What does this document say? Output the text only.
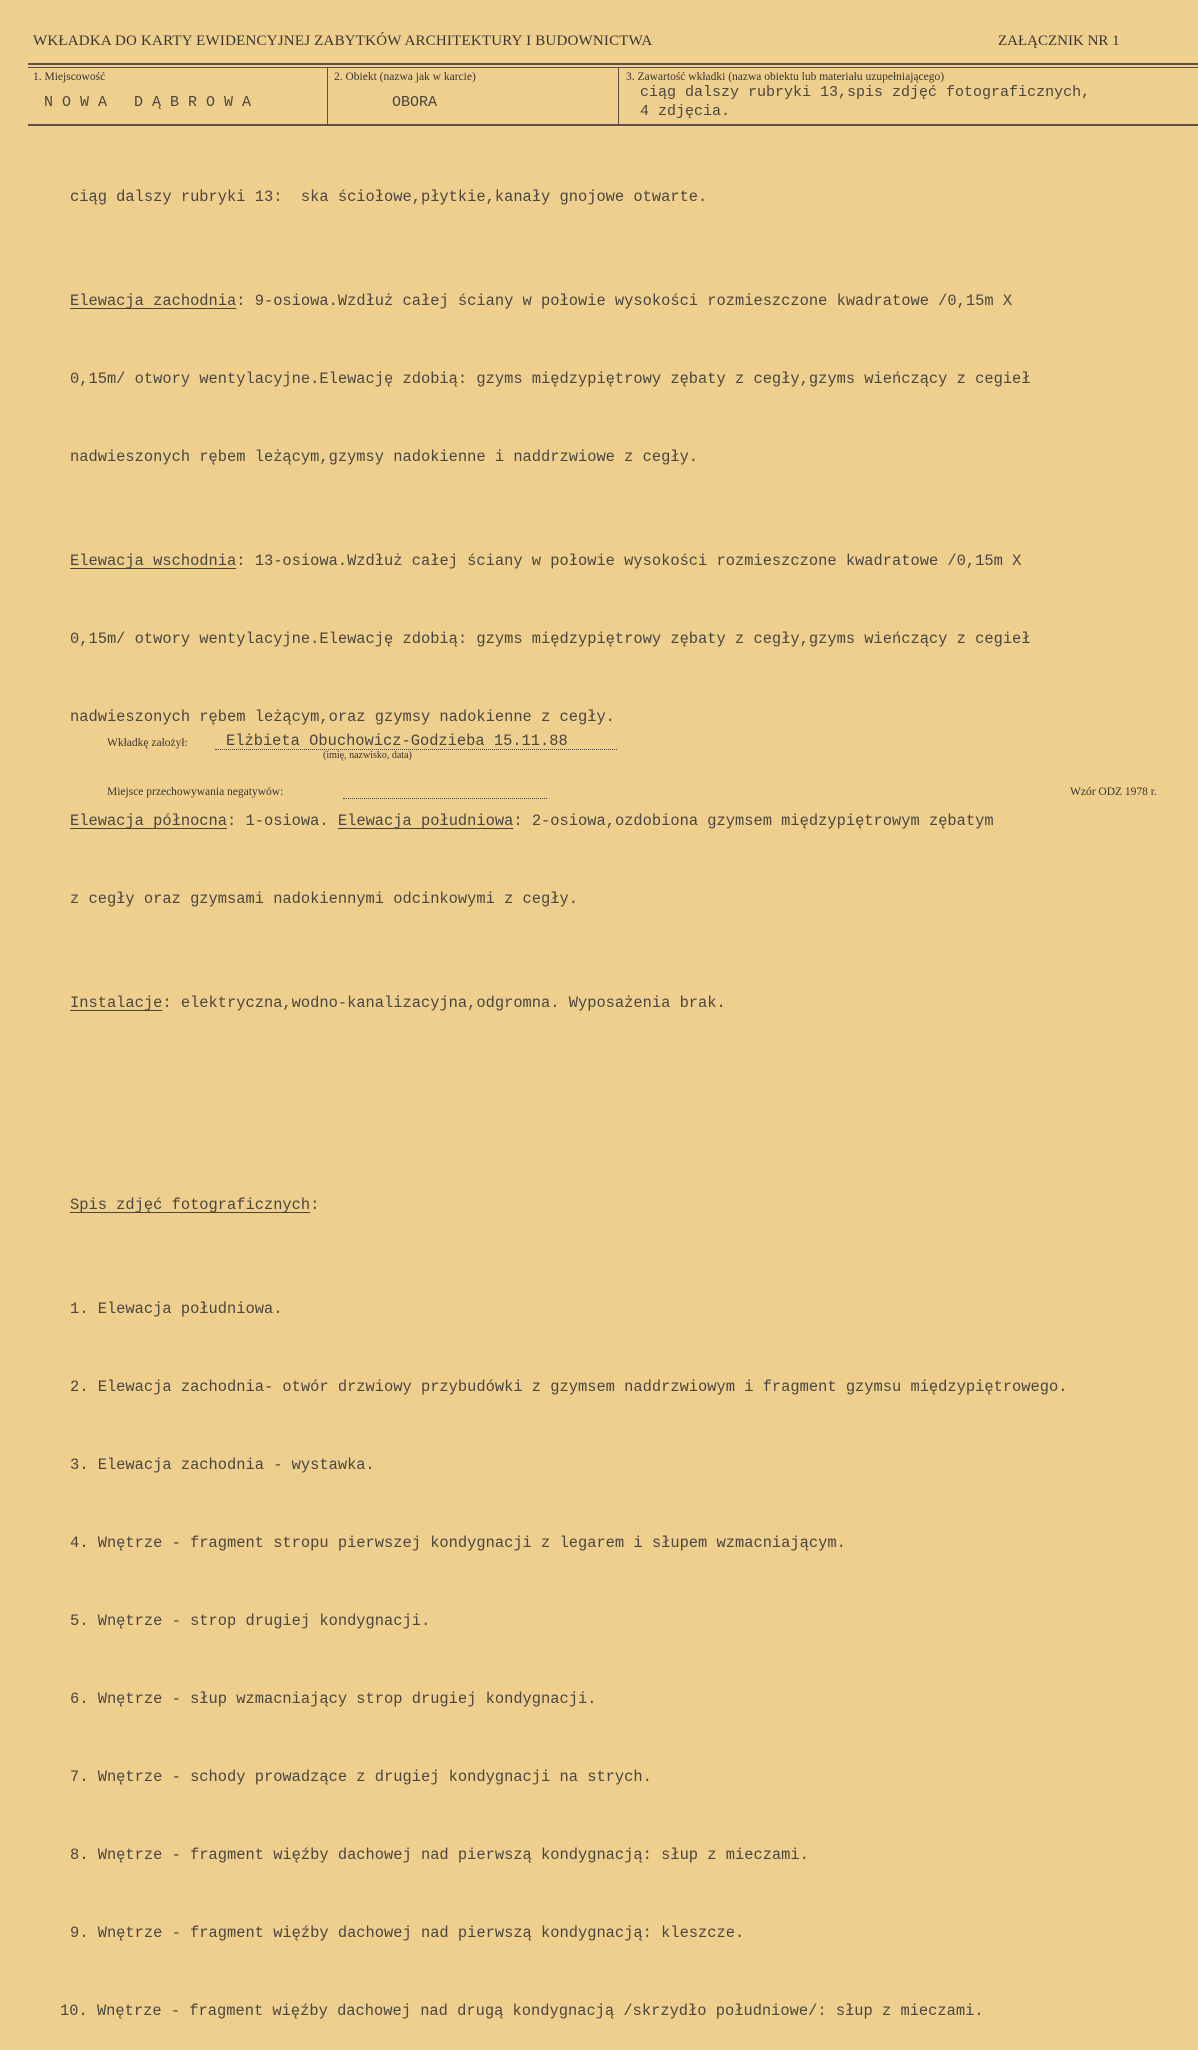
WKŁADKA DO KARTY EWIDENCYJNEJ ZABYTKÓW ARCHITEKTURY I BUDOWNICTWA	ZAŁĄCZNIK NR 1
1. Miejscowość
N O W A   D Ą B R O W A
2. Obiekt (nazwa jak w karcie)
OBORA
3. Zawartość wkładki (nazwa obiektu lub materiału uzupełniającego)
ciąg dalszy rubryki 13,spis zdjęć fotograficznych,
4 zdjęcia.

ciąg dalszy rubryki 13:  ska ściołowe,płytkie,kanały gnojowe otwarte.

Elewacja zachodnia: 9-osiowa.Wzdłuż całej ściany w połowie wysokości rozmieszczone kwadratowe /0,15m X

0,15m/ otwory wentylacyjne.Elewację zdobią: gzyms międzypiętrowy zębaty z cegły,gzyms wieńczący z cegieł

nadwieszonych rębem leżącym,gzymsy nadokienne i naddrzwiowe z cegły.

Elewacja wschodnia: 13-osiowa.Wzdłuż całej ściany w połowie wysokości rozmieszczone kwadratowe /0,15m X

0,15m/ otwory wentylacyjne.Elewację zdobią: gzyms międzypiętrowy zębaty z cegły,gzyms wieńczący z cegieł

nadwieszonych rębem leżącym,oraz gzymsy nadokienne z cegły.

Elewacja północna: 1-osiowa. Elewacja południowa: 2-osiowa,ozdobiona gzymsem międzypiętrowym zębatym

z cegły oraz gzymsami nadokiennymi odcinkowymi z cegły.

Instalacje: elektryczna,wodno-kanalizacyjna,odgromna. Wyposażenia brak.

Spis zdjęć fotograficznych:

1. Elewacja południowa.

2. Elewacja zachodnia- otwór drzwiowy przybudówki z gzymsem naddrzwiowym i fragment gzymsu międzypiętrowego.

3. Elewacja zachodnia - wystawka.

4. Wnętrze - fragment stropu pierwszej kondygnacji z legarem i słupem wzmacniającym.

5. Wnętrze - strop drugiej kondygnacji.

6. Wnętrze - słup wzmacniający strop drugiej kondygnacji.

7. Wnętrze - schody prowadzące z drugiej kondygnacji na strych.

8. Wnętrze - fragment więźby dachowej nad pierwszą kondygnacją: słup z mieczami.

9. Wnętrze - fragment więźby dachowej nad pierwszą kondygnacją: kleszcze.

10. Wnętrze - fragment więźby dachowej nad drugą kondygnacją /skrzydło południowe/: słup z mieczami.

Wkładkę założył: Elżbieta Obuchowicz-Godzieba 15.11.88
(imię, nazwisko, data)
Miejsce przechowywania negatywów:	Wzór ODZ 1978 r.
